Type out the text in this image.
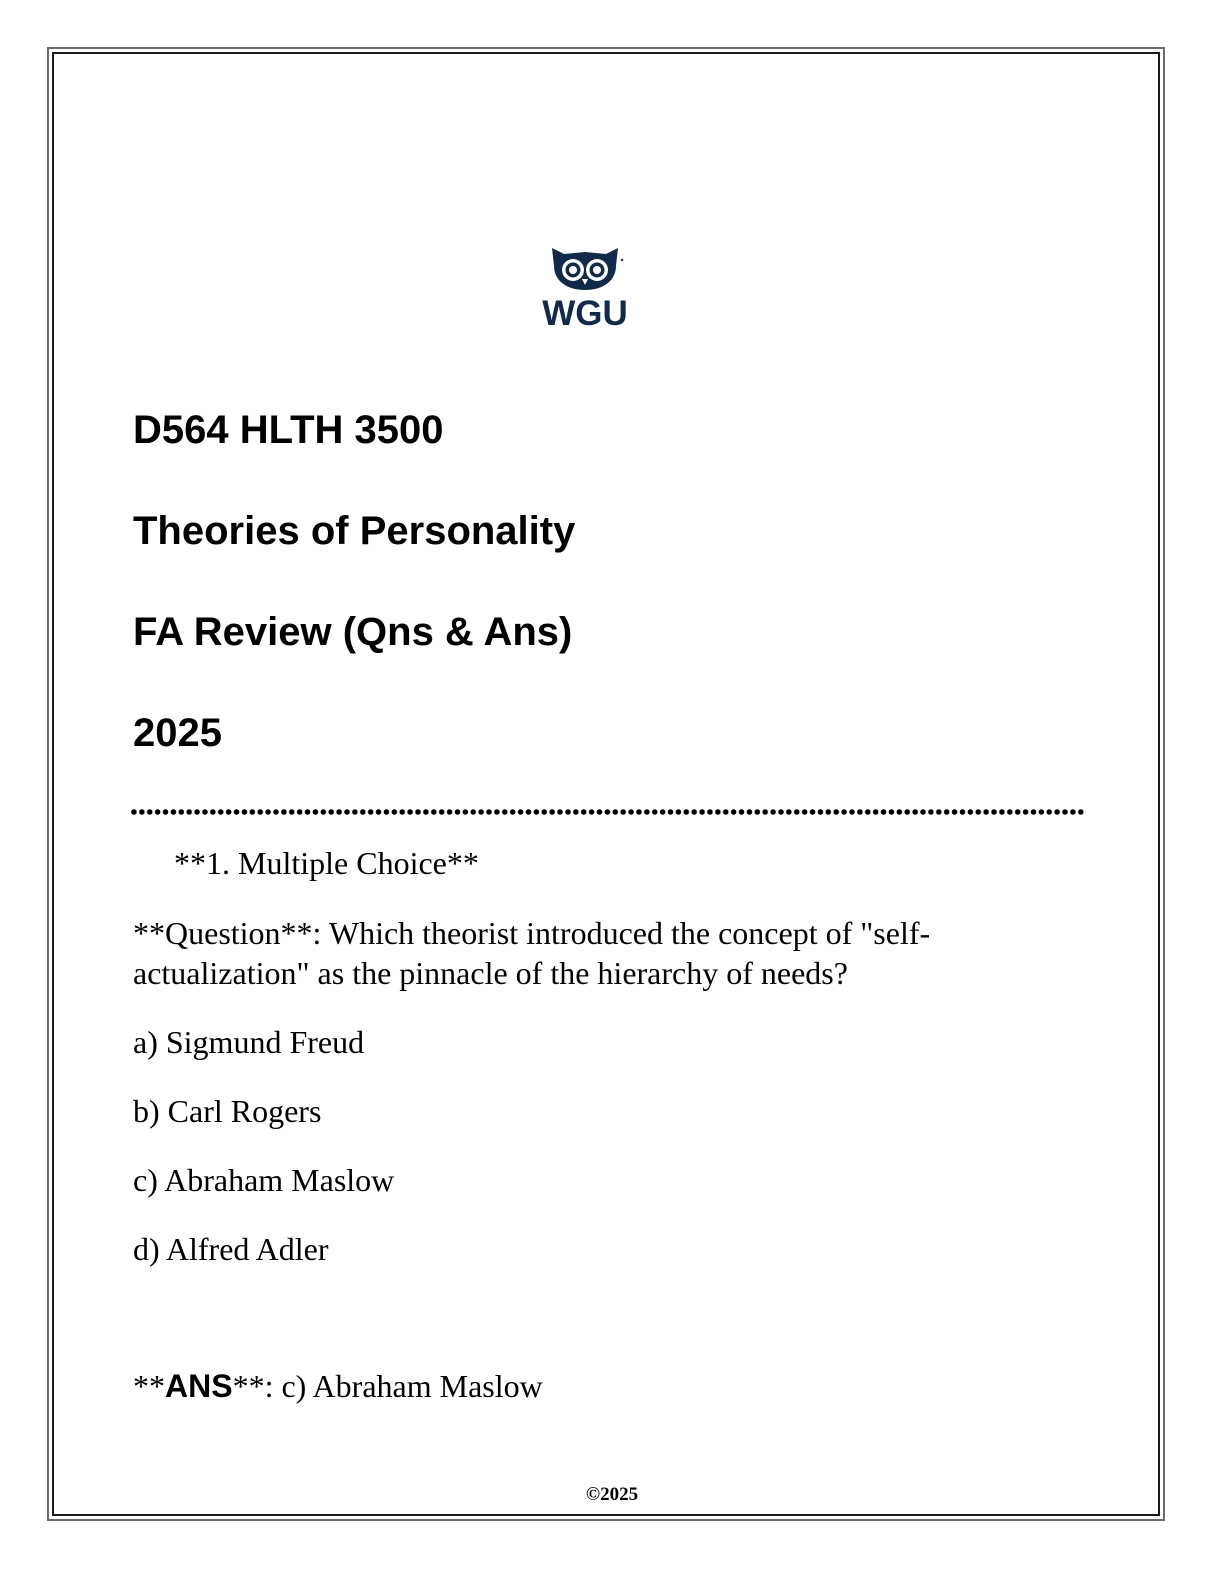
WGU
D564 HLTH 3500
Theories of Personality
FA Review (Qns & Ans)
2025
**1. Multiple Choice**
**Question**: Which theorist introduced the concept of "self-
actualization" as the pinnacle of the hierarchy of needs?
a) Sigmund Freud
b) Carl Rogers
c) Abraham Maslow
d) Alfred Adler
**ANS**: c) Abraham Maslow
©2025
